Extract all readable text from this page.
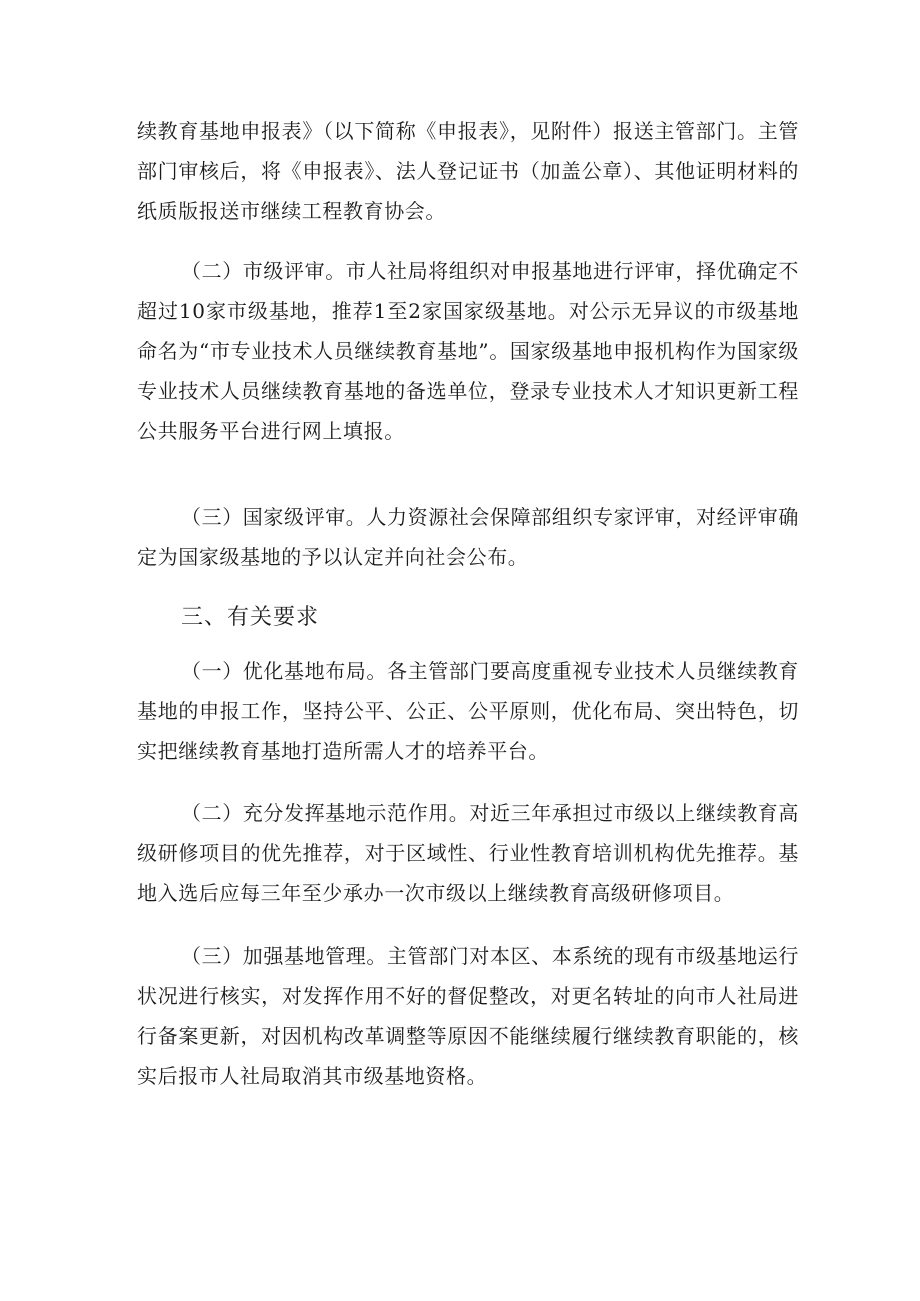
续教育基地申报表》（以下简称《申报表》，见附件）报送主管部门。主管部门审核后，将《申报表》、法人登记证书（加盖公章）、其他证明材料的纸质版报送市继续工程教育协会。

（二）市级评审。市人社局将组织对申报基地进行评审，择优确定不超过10家市级基地，推荐1至2家国家级基地。对公示无异议的市级基地命名为“市专业技术人员继续教育基地”。国家级基地申报机构作为国家级专业技术人员继续教育基地的备选单位，登录专业技术人才知识更新工程公共服务平台进行网上填报。

（三）国家级评审。人力资源社会保障部组织专家评审，对经评审确定为国家级基地的予以认定并向社会公布。

三、有关要求

（一）优化基地布局。各主管部门要高度重视专业技术人员继续教育基地的申报工作，坚持公平、公正、公平原则，优化布局、突出特色，切实把继续教育基地打造所需人才的培养平台。

（二）充分发挥基地示范作用。对近三年承担过市级以上继续教育高级研修项目的优先推荐，对于区域性、行业性教育培训机构优先推荐。基地入选后应每三年至少承办一次市级以上继续教育高级研修项目。

（三）加强基地管理。主管部门对本区、本系统的现有市级基地运行状况进行核实，对发挥作用不好的督促整改，对更名转址的向市人社局进行备案更新，对因机构改革调整等原因不能继续履行继续教育职能的，核实后报市人社局取消其市级基地资格。
